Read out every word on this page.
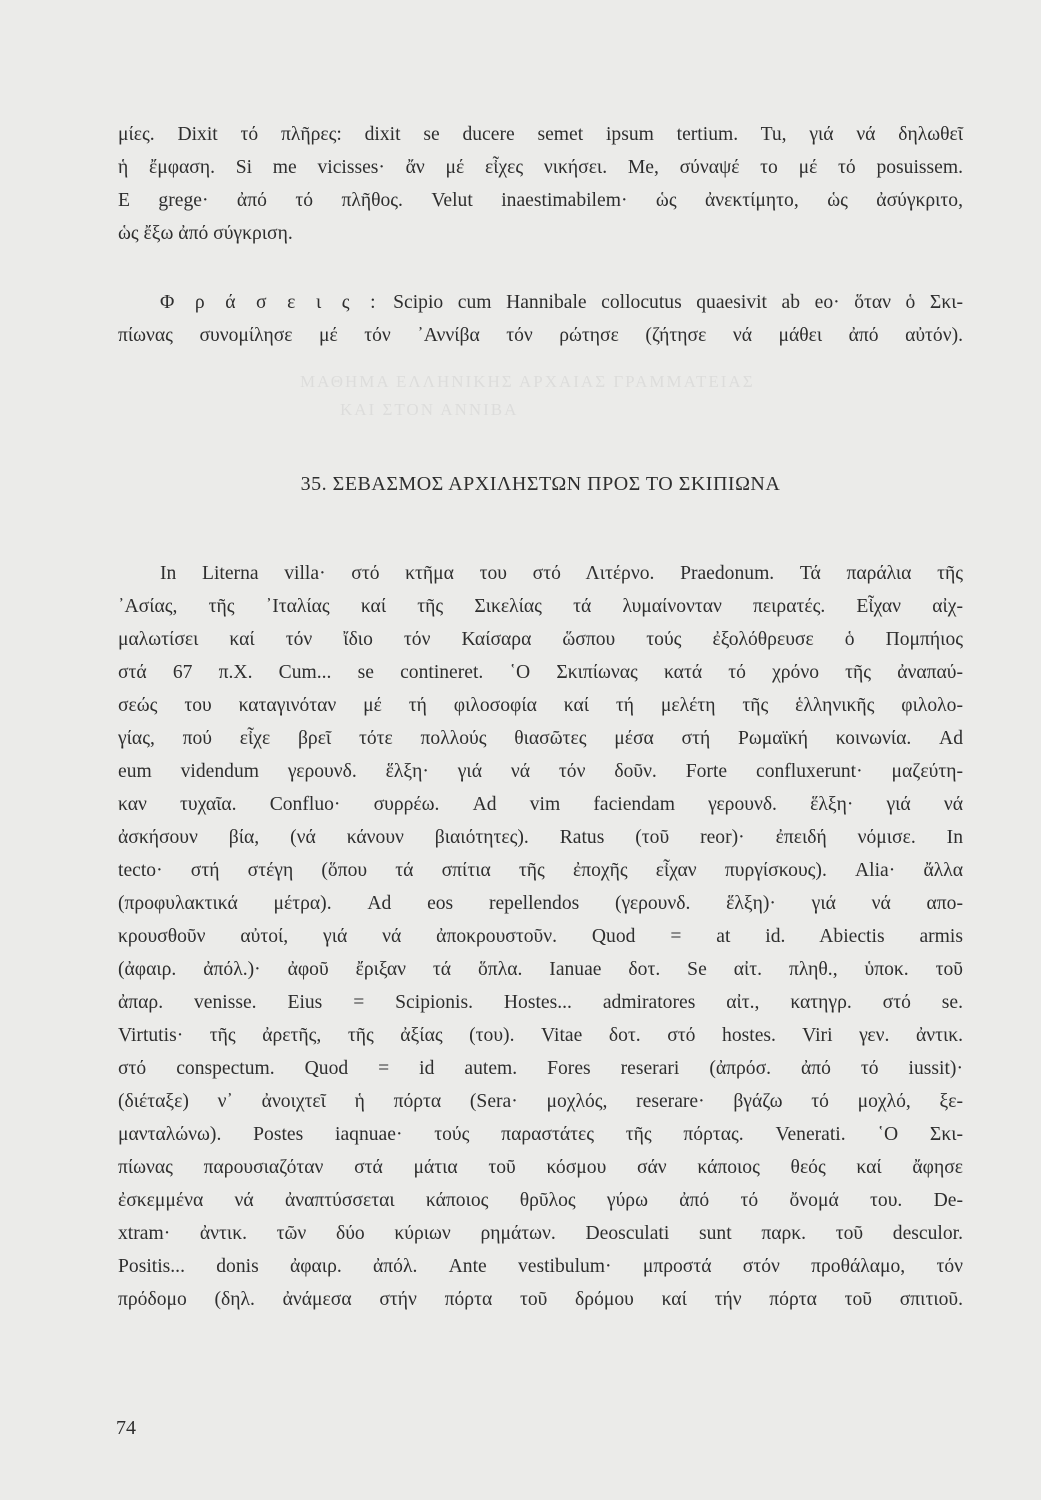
ΜΑΘΗΜΑ ΕΛΛΗΝΙΚΗΣ ΑΡΧΑΙΑΣ ΓΡΑΜΜΑΤΕΙΑΣ
ΚΑΙ ΣΤΟΝ ΑΝΝΙΒΑ
μίες. Dixit τό πλῆρες: dixit se ducere semet ipsum tertium. Tu, γιά νά δηλωθεῖ
ἡ ἔμφαση. Si me vicisses· ἄν μέ εἶχες νικήσει. Me, σύναψέ το μέ τό posuissem.
E grege· ἀπό τό πλῆθος. Velut inaestimabilem· ὡς ἀνεκτίμητο, ὡς ἀσύγκριτο,
ὡς ἔξω ἀπό σύγκριση.
Φ ρ ά σ ε ι ς : Scipio cum Hannibale collocutus quaesivit ab eo· ὅταν ὁ Σκι-
πίωνας συνομίλησε μέ τόν ᾿Αννίβα τόν ρώτησε (ζήτησε νά μάθει ἀπό αὐτόν).
35. ΣΕΒΑΣΜΟΣ ΑΡΧΙΛΗΣΤΩΝ ΠΡΟΣ ΤΟ ΣΚΙΠΙΩΝΑ
In Literna villa· στό κτῆμα του στό Λιτέρνο. Praedonum. Τά παράλια τῆς
᾿Ασίας, τῆς ᾿Ιταλίας καί τῆς Σικελίας τά λυμαίνονταν πειρατές. Εἶχαν αἰχ-
μαλωτίσει καί τόν ἴδιο τόν Καίσαρα ὥσπου τούς ἐξολόθρευσε ὁ Πομπήιος
στά 67 π.Χ. Cum... se contineret. ῾Ο Σκιπίωνας κατά τό χρόνο τῆς ἀναπαύ-
σεώς του καταγινόταν μέ τή φιλοσοφία καί τή μελέτη τῆς ἑλληνικῆς φιλολο-
γίας, πού εἶχε βρεῖ τότε πολλούς θιασῶτες μέσα στή Ρωμαϊκή κοινωνία. Ad
eum videndum γερουνδ. ἕλξη· γιά νά τόν δοῦν. Forte confluxerunt· μαζεύτη-
καν τυχαῖα. Confluo· συρρέω. Ad vim faciendam γερουνδ. ἕλξη· γιά νά
ἀσκήσουν βία, (νά κάνουν βιαιότητες). Ratus (τοῦ reor)· ἐπειδή νόμισε. In
tecto· στή στέγη (ὅπου τά σπίτια τῆς ἐποχῆς εἶχαν πυργίσκους). Alia· ἄλλα
(προφυλακτικά μέτρα). Ad eos repellendos (γερουνδ. ἕλξη)· γιά νά απο-
κρουσθοῦν αὐτοί, γιά νά ἀποκρουστοῦν. Quod = at id. Abiectis armis
(ἀφαιρ. ἀπόλ.)· ἀφοῦ ἔριξαν τά ὅπλα. Ianuae δοτ. Se αἰτ. πληθ., ὑποκ. τοῦ
ἀπαρ. venisse. Eius = Scipionis. Hostes... admiratores αἰτ., κατηγρ. στό se.
Virtutis· τῆς ἀρετῆς, τῆς ἀξίας (του). Vitae δοτ. στό hostes. Viri γεν. ἀντικ.
στό conspectum. Quod = id autem. Fores reserari (ἀπρόσ. ἀπό τό iussit)·
(διέταξε) ν᾿ ἀνοιχτεῖ ἡ πόρτα (Sera· μοχλός, reserare· βγάζω τό μοχλό, ξε-
μανταλώνω). Postes iaqnuae· τούς παραστάτες τῆς πόρτας. Venerati. ῾Ο Σκι-
πίωνας παρουσιαζόταν στά μάτια τοῦ κόσμου σάν κάποιος θεός καί ἄφησε
ἐσκεμμένα νά ἀναπτύσσεται κάποιος θρῦλος γύρω ἀπό τό ὄνομά του. De-
xtram· ἀντικ. τῶν δύο κύριων ρημάτων. Deosculati sunt παρκ. τοῦ desculor.
Positis... donis ἀφαιρ. ἀπόλ. Ante vestibulum· μπροστά στόν προθάλαμο, τόν
πρόδομο (δηλ. ἀνάμεσα στήν πόρτα τοῦ δρόμου καί τήν πόρτα τοῦ σπιτιοῦ.
74
